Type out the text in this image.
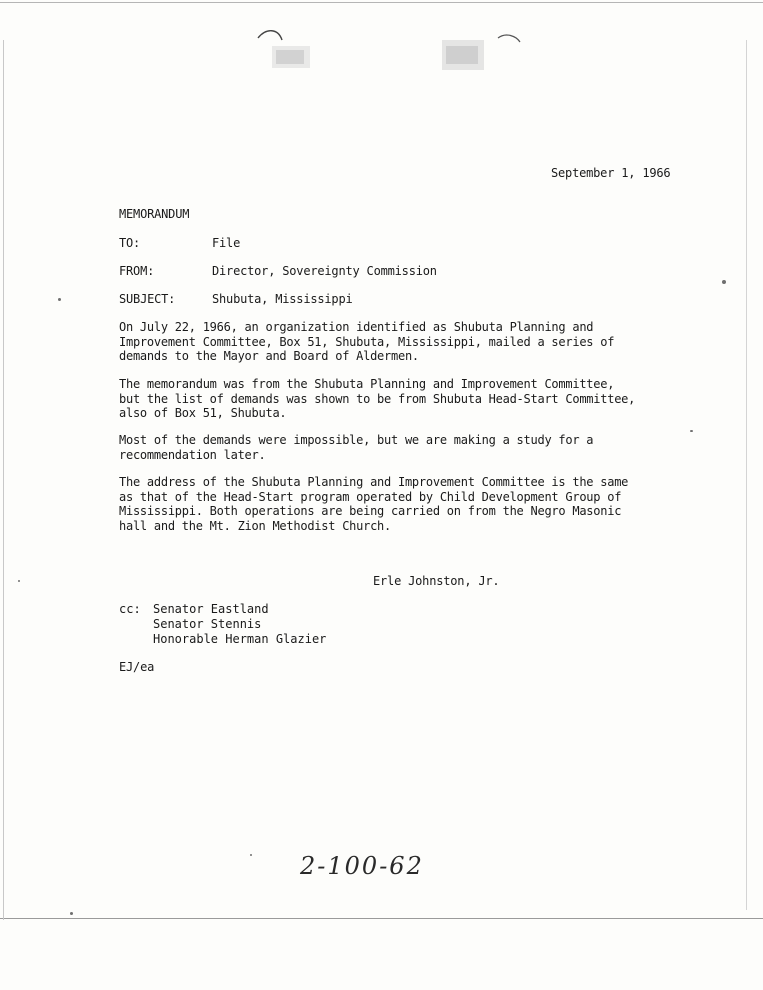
September 1, 1966
MEMORANDUM
TO:	File
FROM:	Director, Sovereignty Commission
SUBJECT:	Shubuta, Mississippi
On July 22, 1966, an organization identified as Shubuta Planning and
Improvement Committee, Box 51, Shubuta, Mississippi, mailed a series of
demands to the Mayor and Board of Aldermen.
The memorandum was from the Shubuta Planning and Improvement Committee,
but the list of demands was shown to be from Shubuta Head-Start Committee,
also of Box 51, Shubuta.
Most of the demands were impossible, but we are making a study for a
recommendation later.
The address of the Shubuta Planning and Improvement Committee is the same
as that of the Head-Start program operated by Child Development Group of
Mississippi. Both operations are being carried on from the Negro Masonic
hall and the Mt. Zion Methodist Church.
Erle Johnston, Jr.
cc:	Senator Eastland
Senator Stennis
Honorable Herman Glazier
EJ/ea
2-100-62
